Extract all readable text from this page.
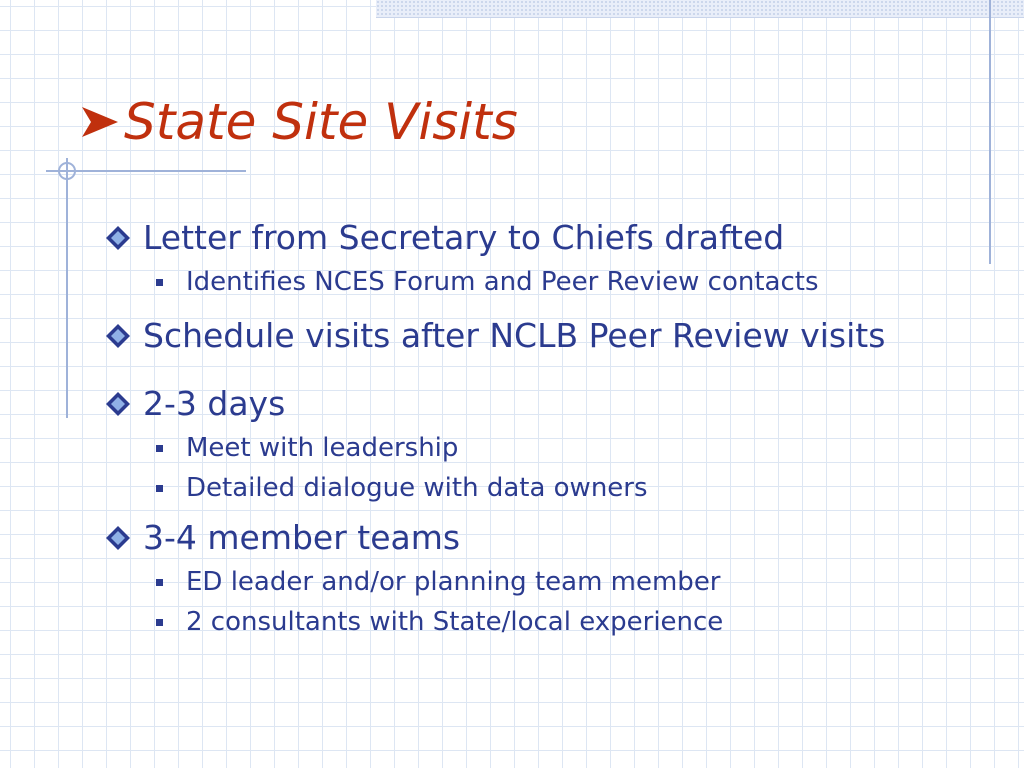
State Site Visits
Letter from Secretary to Chiefs drafted
Identifies NCES Forum and Peer Review contacts
Schedule visits after NCLB Peer Review visits
2-3 days
Meet with leadership
Detailed dialogue with data owners
3-4 member teams
ED leader and/or planning team member
2 consultants with State/local experience
